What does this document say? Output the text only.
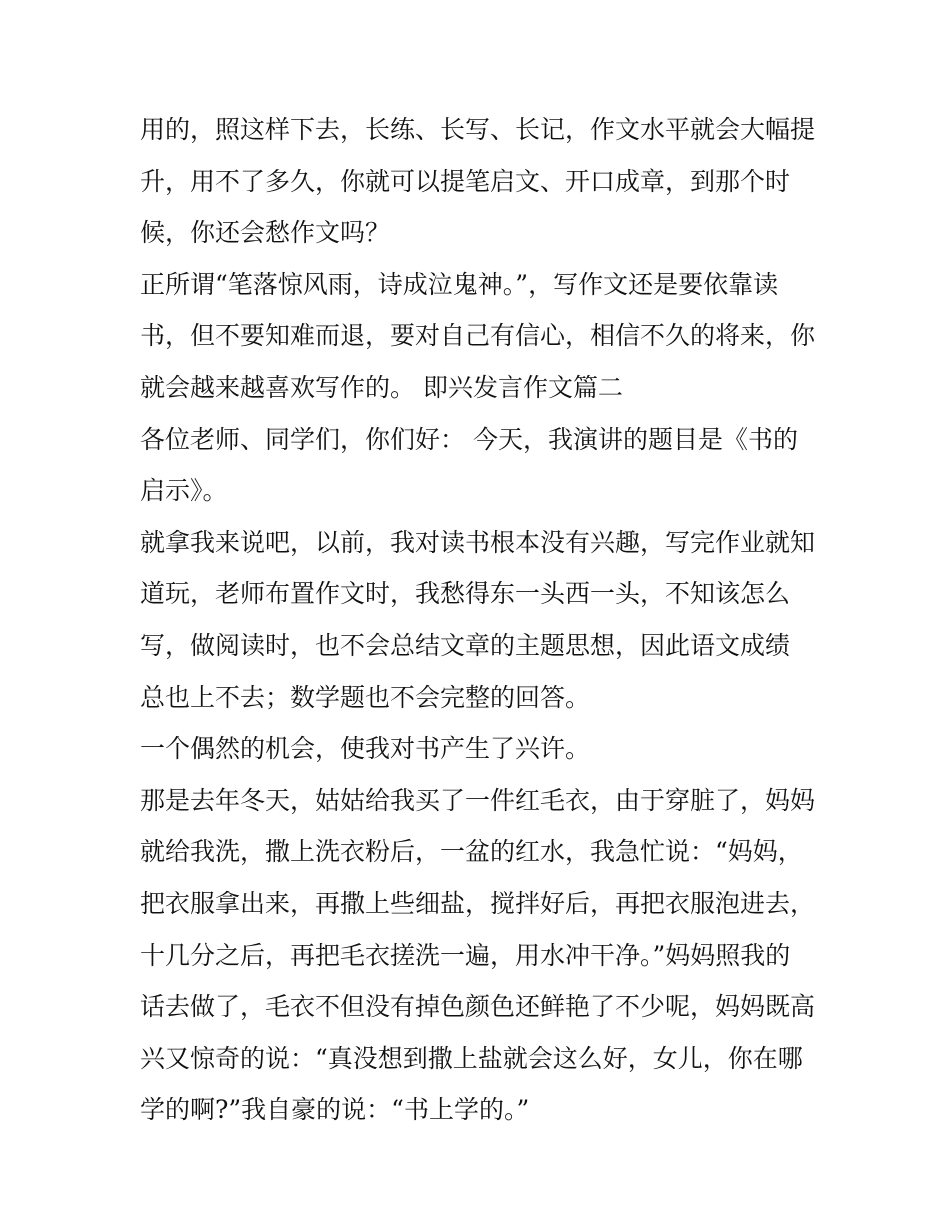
用的，照这样下去，长练、长写、长记，作文水平就会大幅提
升，用不了多久，你就可以提笔启文、开口成章，到那个时
候，你还会愁作文吗？
正所谓“笔落惊风雨，诗成泣鬼神。”，写作文还是要依靠读
书，但不要知难而退，要对自己有信心，相信不久的将来，你
就会越来越喜欢写作的。 即兴发言作文篇二
各位老师、同学们，你们好： 今天，我演讲的题目是《书的
启示》。
就拿我来说吧，以前，我对读书根本没有兴趣，写完作业就知
道玩，老师布置作文时，我愁得东一头西一头，不知该怎么
写，做阅读时，也不会总结文章的主题思想，因此语文成绩
总也上不去；数学题也不会完整的回答。
一个偶然的机会，使我对书产生了兴许。
那是去年冬天，姑姑给我买了一件红毛衣，由于穿脏了，妈妈
就给我洗，撒上洗衣粉后，一盆的红水，我急忙说：“妈妈，
把衣服拿出来，再撒上些细盐，搅拌好后，再把衣服泡进去，
十几分之后，再把毛衣搓洗一遍，用水冲干净。”妈妈照我的
话去做了，毛衣不但没有掉色颜色还鲜艳了不少呢，妈妈既高
兴又惊奇的说：“真没想到撒上盐就会这么好，女儿，你在哪
学的啊?”我自豪的说：“书上学的。”
